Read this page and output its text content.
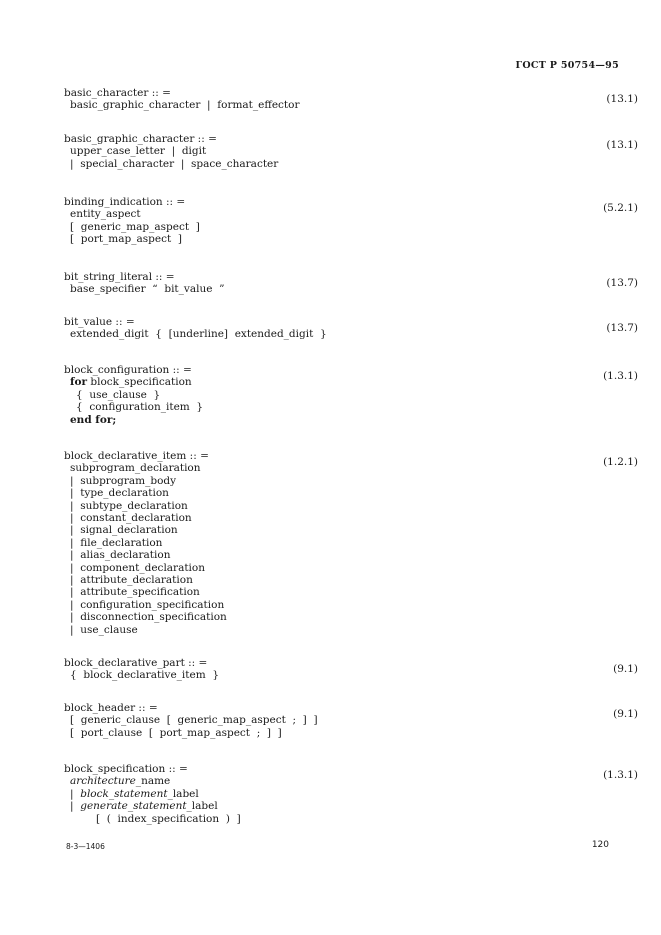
ГОСТ Р 50754—95
basic_character :: =
basic_graphic_character  |  format_effector
(13.1)
basic_graphic_character :: =
upper_case_letter  |  digit
|  special_character  |  space_character
(13.1)
binding_indication :: =
entity_aspect
[  generic_map_aspect  ]
[  port_map_aspect  ]
(5.2.1)
bit_string_literal :: =
base_specifier  “  bit_value  ”
(13.7)
bit_value :: =
extended_digit  {  [underline]  extended_digit  }
(13.7)
block_configuration :: =
for block_specification
{  use_clause  }
{  configuration_item  }
end for;
(1.3.1)
block_declarative_item :: =
subprogram_declaration
|  subprogram_body
|  type_declaration
|  subtype_declaration
|  constant_declaration
|  signal_declaration
|  file_declaration
|  alias_declaration
|  component_declaration
|  attribute_declaration
|  attribute_specification
|  configuration_specification
|  disconnection_specification
|  use_clause
(1.2.1)
block_declarative_part :: =
{  block_declarative_item  }
(9.1)
block_header :: =
[  generic_clause  [  generic_map_aspect  ;  ]  ]
[  port_clause  [  port_map_aspect  ;  ]  ]
(9.1)
block_specification :: =
architecture_name
|  block_statement_label
|  generate_statement_label
[  (  index_specification  )  ]
(1.3.1)
8-3—1406	120
